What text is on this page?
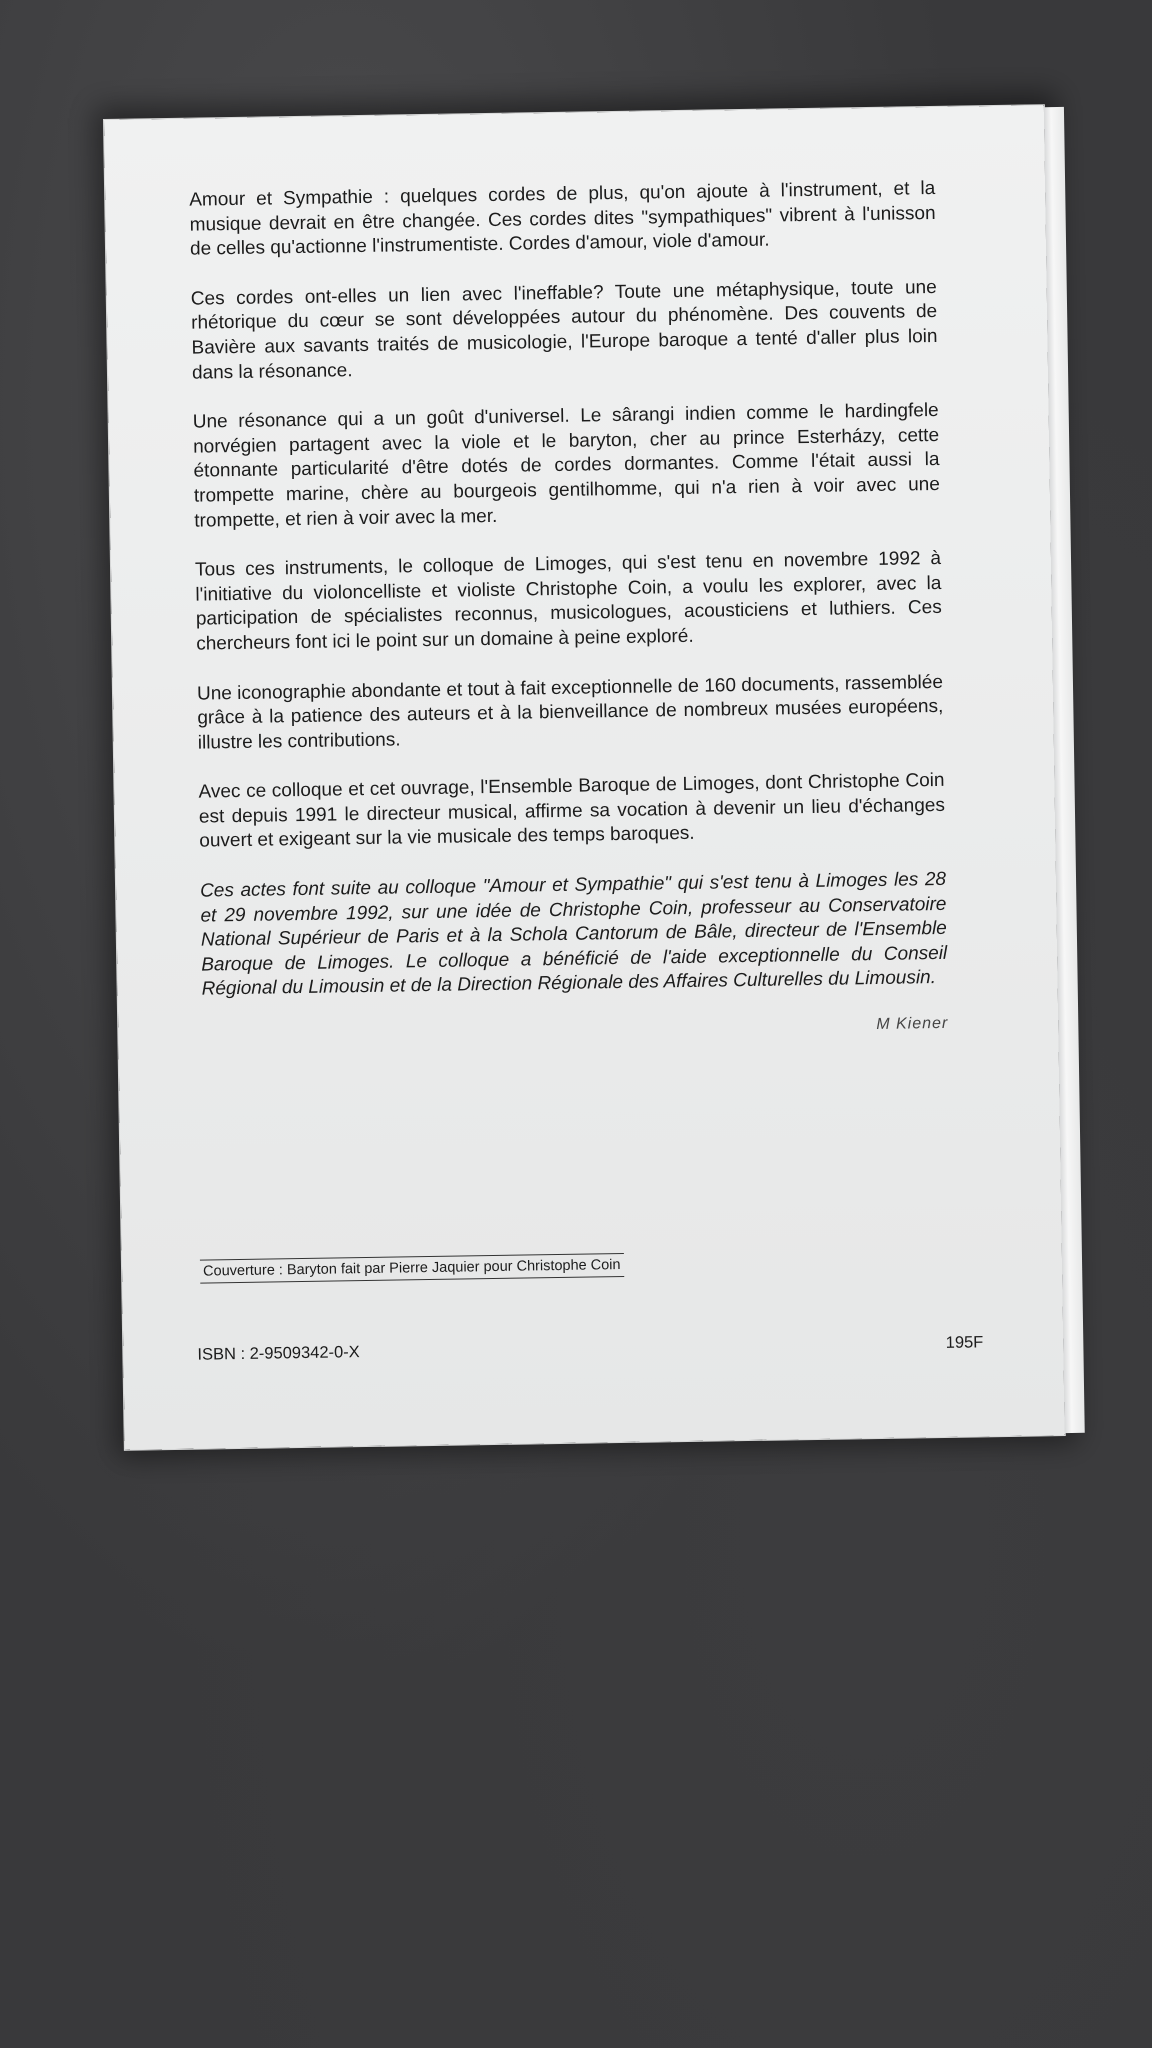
Amour et Sympathie : quelques cordes de plus, qu'on ajoute à l'instrument, et la musique devrait en être changée. Ces cordes dites "sympathiques" vibrent à l'unisson de celles qu'actionne l'instrumentiste. Cordes d'amour, viole d'amour.

Ces cordes ont-elles un lien avec l'ineffable? Toute une métaphysique, toute une rhétorique du cœur se sont développées autour du phénomène. Des couvents de Bavière aux savants traités de musicologie, l'Europe baroque a tenté d'aller plus loin dans la résonance.

Une résonance qui a un goût d'universel. Le sârangi indien comme le hardingfele norvégien partagent avec la viole et le baryton, cher au prince Esterházy, cette étonnante particularité d'être dotés de cordes dormantes. Comme l'était aussi la trompette marine, chère au bourgeois gentilhomme, qui n'a rien à voir avec une trompette, et rien à voir avec la mer.

Tous ces instruments, le colloque de Limoges, qui s'est tenu en novembre 1992 à l'initiative du violoncelliste et violiste Christophe Coin, a voulu les explorer, avec la participation de spécialistes reconnus, musicologues, acousticiens et luthiers. Ces chercheurs font ici le point sur un domaine à peine exploré.

Une iconographie abondante et tout à fait exceptionnelle de 160 documents, rassemblée grâce à la patience des auteurs et à la bienveillance de nombreux musées européens, illustre les contributions.

Avec ce colloque et cet ouvrage, l'Ensemble Baroque de Limoges, dont Christophe Coin est depuis 1991 le directeur musical, affirme sa vocation à devenir un lieu d'échanges ouvert et exigeant sur la vie musicale des temps baroques.

Ces actes font suite au colloque "Amour et Sympathie" qui s'est tenu à Limoges les 28 et 29 novembre 1992, sur une idée de Christophe Coin, professeur au Conservatoire National Supérieur de Paris et à la Schola Cantorum de Bâle, directeur de l'Ensemble Baroque de Limoges. Le colloque a bénéficié de l'aide exceptionnelle du Conseil Régional du Limousin et de la Direction Régionale des Affaires Culturelles du Limousin.

M Kiener
Couverture : Baryton fait par Pierre Jaquier pour Christophe Coin
ISBN : 2-9509342-0-X
195F
